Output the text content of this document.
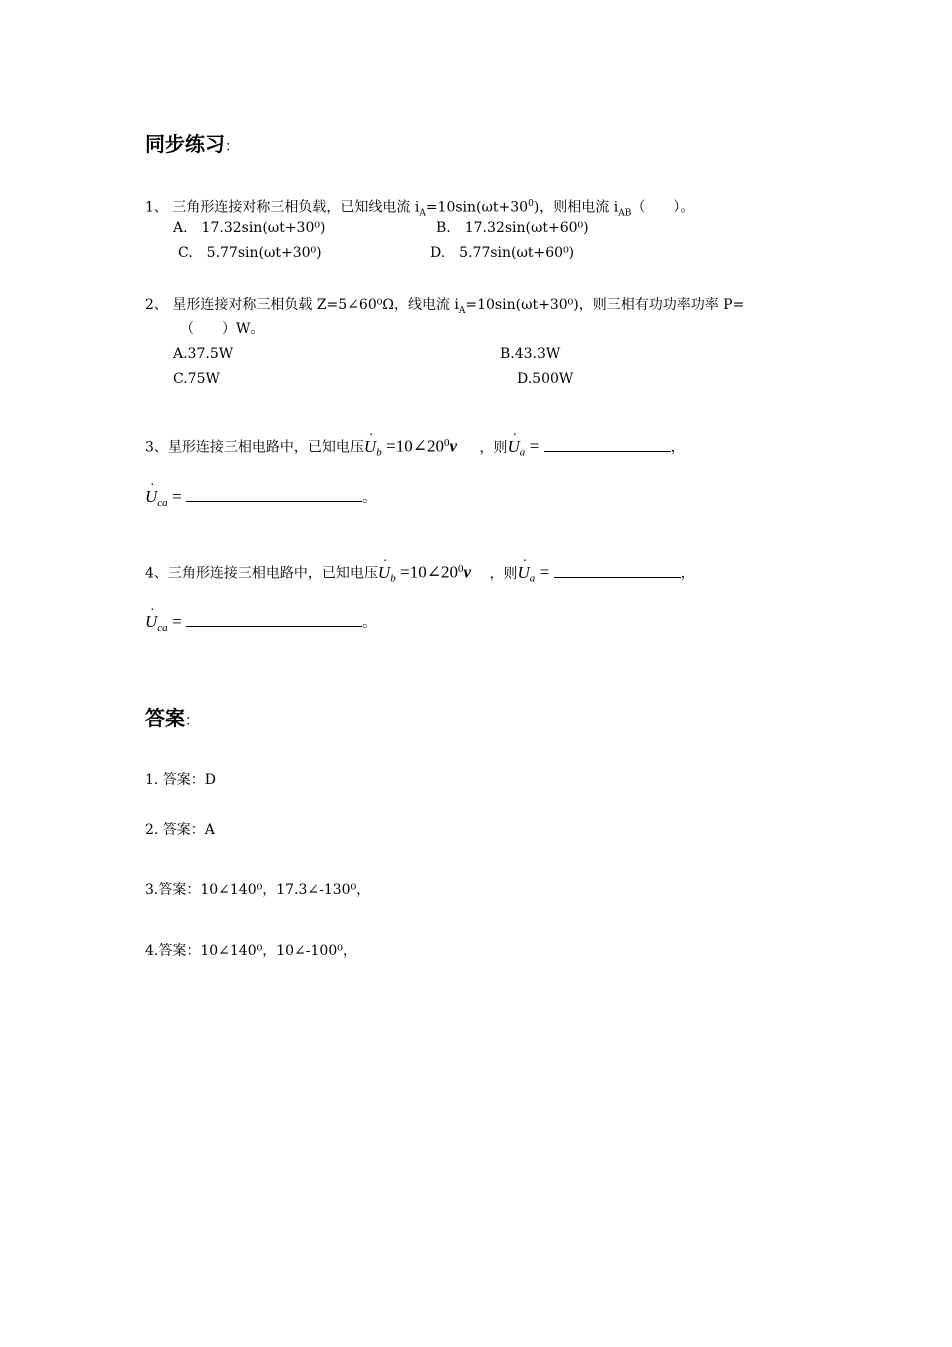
同步练习：
1、 三角形连接对称三相负载，已知线电流 $i_A=10\sin(\omega t+30^0)$，则相电流 $i_{AB}$（　　）。
A.　17.32sin(ωt+30⁰)	B.　17.32sin(ωt+60⁰)
C.　5.77sin(ωt+30⁰)	D.　5.77sin(ωt+60⁰)
2、 星形连接对称三相负载 Z=5∠60⁰Ω，线电流 $i_A=10\sin(\omega t+30^0)$，则三相有功功率功率 P=
（　　）W。
A.37.5W	B.43.3W
C.75W	D.500W
3、星形连接三相电路中，已知电压· $U_b$ $=10\angle 20^0v$ ，则· $U_a$ =	，
· $U_{ca}$ =	。
4、三角形连接三相电路中，已知电压· $U_b$ $=10\angle 20^0v$ ，则· $U_a$ =	，
· $U_{ca}$ =	。
答案：
1. 答案：D
2. 答案：A
3.答案：10∠140⁰，17.3∠-130⁰，
4.答案：10∠140⁰，10∠-100⁰，
